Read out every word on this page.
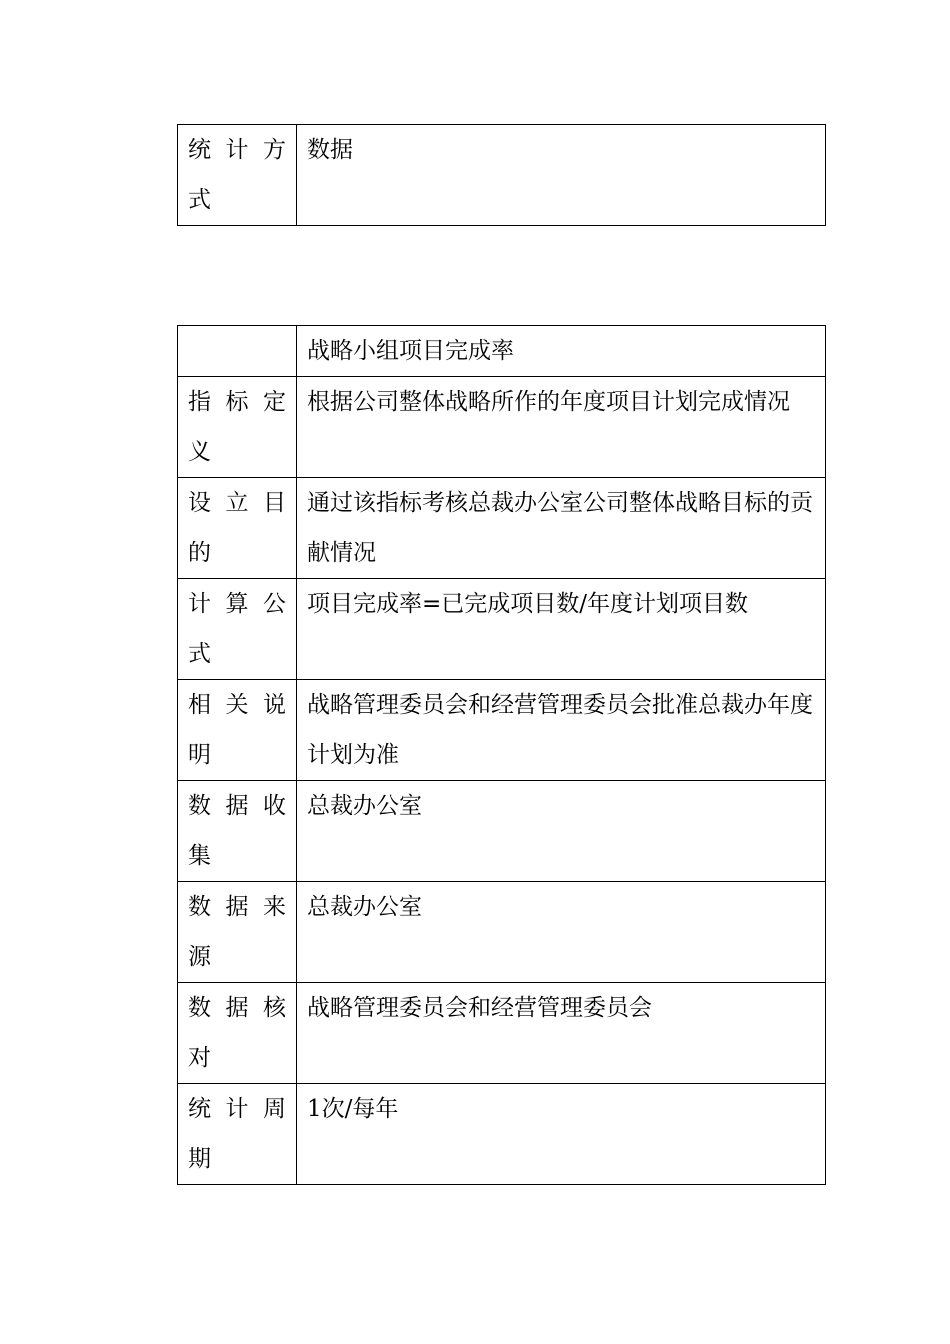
统 计 方
式
	数据
	战略小组项目完成率

指 标 定
义	根据公司整体战略所作的年度项目计划完成情况

设 立 目
的	通过该指标考核总裁办公室公司整体战略目标的贡献情况

计 算 公
式	项目完成率=已完成项目数/年度计划项目数

相 关 说
明	战略管理委员会和经营管理委员会批准总裁办年度计划为准

数 据 收
集	总裁办公室

数 据 来
源	总裁办公室

数 据 核
对	战略管理委员会和经营管理委员会

统 计 周
期	1次/每年
